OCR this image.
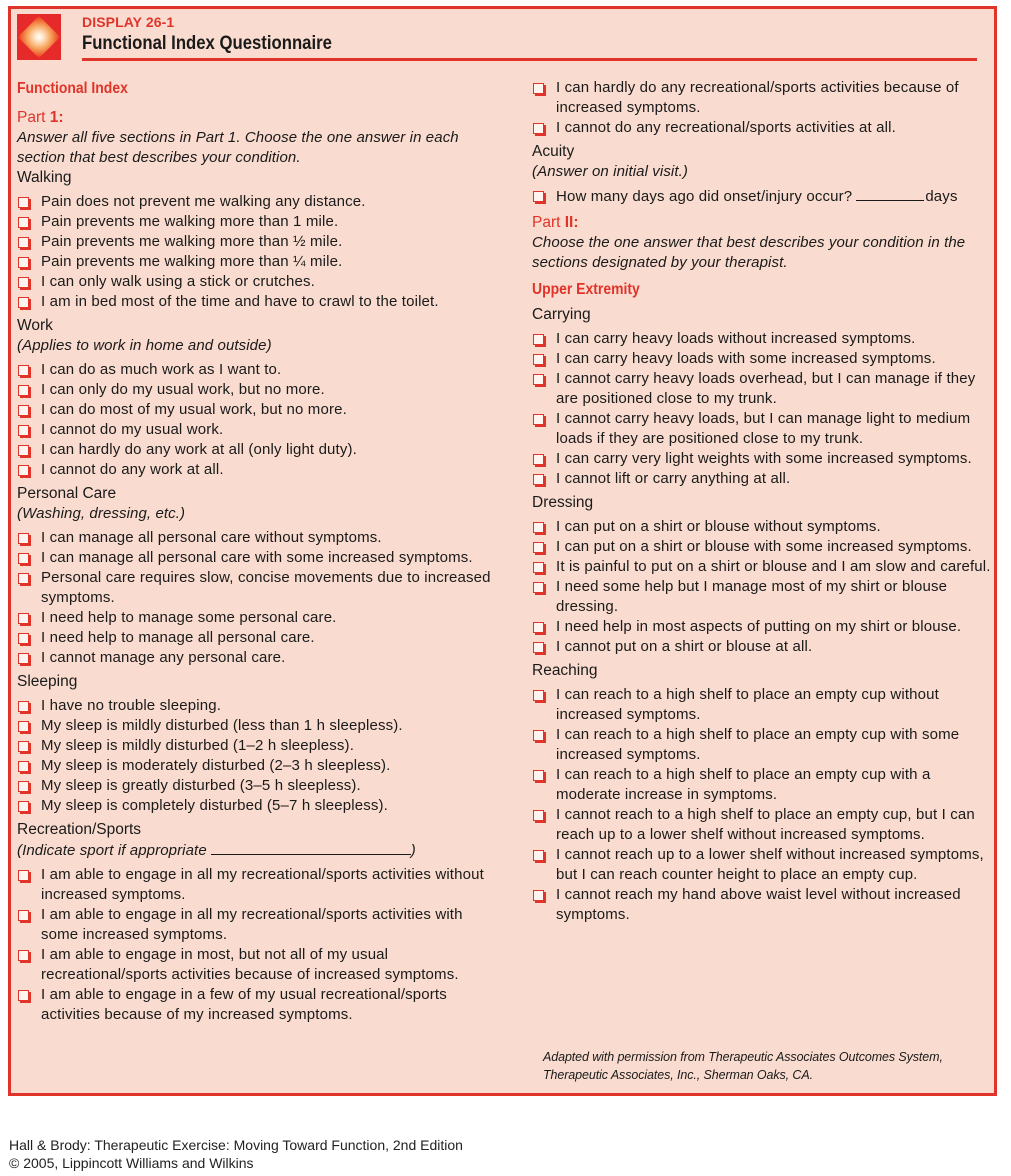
DISPLAY 26-1
Functional Index Questionnaire
Functional Index
Part 1:
Answer all five sections in Part 1. Choose the one answer in each section that best describes your condition.
Walking
Pain does not prevent me walking any distance.
Pain prevents me walking more than 1 mile.
Pain prevents me walking more than ½ mile.
Pain prevents me walking more than ¼ mile.
I can only walk using a stick or crutches.
I am in bed most of the time and have to crawl to the toilet.
Work
(Applies to work in home and outside)
I can do as much work as I want to.
I can only do my usual work, but no more.
I can do most of my usual work, but no more.
I cannot do my usual work.
I can hardly do any work at all (only light duty).
I cannot do any work at all.
Personal Care
(Washing, dressing, etc.)
I can manage all personal care without symptoms.
I can manage all personal care with some increased symptoms.
Personal care requires slow, concise movements due to increased symptoms.
I need help to manage some personal care.
I need help to manage all personal care.
I cannot manage any personal care.
Sleeping
I have no trouble sleeping.
My sleep is mildly disturbed (less than 1 h sleepless).
My sleep is mildly disturbed (1–2 h sleepless).
My sleep is moderately disturbed (2–3 h sleepless).
My sleep is greatly disturbed (3–5 h sleepless).
My sleep is completely disturbed (5–7 h sleepless).
Recreation/Sports
(Indicate sport if appropriate	)
I am able to engage in all my recreational/sports activities without increased symptoms.
I am able to engage in all my recreational/sports activities with some increased symptoms.
I am able to engage in most, but not all of my usual recreational/sports activities because of increased symptoms.
I am able to engage in a few of my usual recreational/sports activities because of my increased symptoms.
I can hardly do any recreational/sports activities because of increased symptoms.
I cannot do any recreational/sports activities at all.
Acuity
(Answer on initial visit.)
How many days ago did onset/injury occur?	days
Part II:
Choose the one answer that best describes your condition in the sections designated by your therapist.
Upper Extremity
Carrying
I can carry heavy loads without increased symptoms.
I can carry heavy loads with some increased symptoms.
I cannot carry heavy loads overhead, but I can manage if they are positioned close to my trunk.
I cannot carry heavy loads, but I can manage light to medium loads if they are positioned close to my trunk.
I can carry very light weights with some increased symptoms.
I cannot lift or carry anything at all.
Dressing
I can put on a shirt or blouse without symptoms.
I can put on a shirt or blouse with some increased symptoms.
It is painful to put on a shirt or blouse and I am slow and careful.
I need some help but I manage most of my shirt or blouse dressing.
I need help in most aspects of putting on my shirt or blouse.
I cannot put on a shirt or blouse at all.
Reaching
I can reach to a high shelf to place an empty cup without increased symptoms.
I can reach to a high shelf to place an empty cup with some increased symptoms.
I can reach to a high shelf to place an empty cup with a moderate increase in symptoms.
I cannot reach to a high shelf to place an empty cup, but I can reach up to a lower shelf without increased symptoms.
I cannot reach up to a lower shelf without increased symptoms, but I can reach counter height to place an empty cup.
I cannot reach my hand above waist level without increased symptoms.
Adapted with permission from Therapeutic Associates Outcomes System,
Therapeutic Associates, Inc., Sherman Oaks, CA.
Hall & Brody: Therapeutic Exercise: Moving Toward Function, 2nd Edition
© 2005, Lippincott Williams and Wilkins
